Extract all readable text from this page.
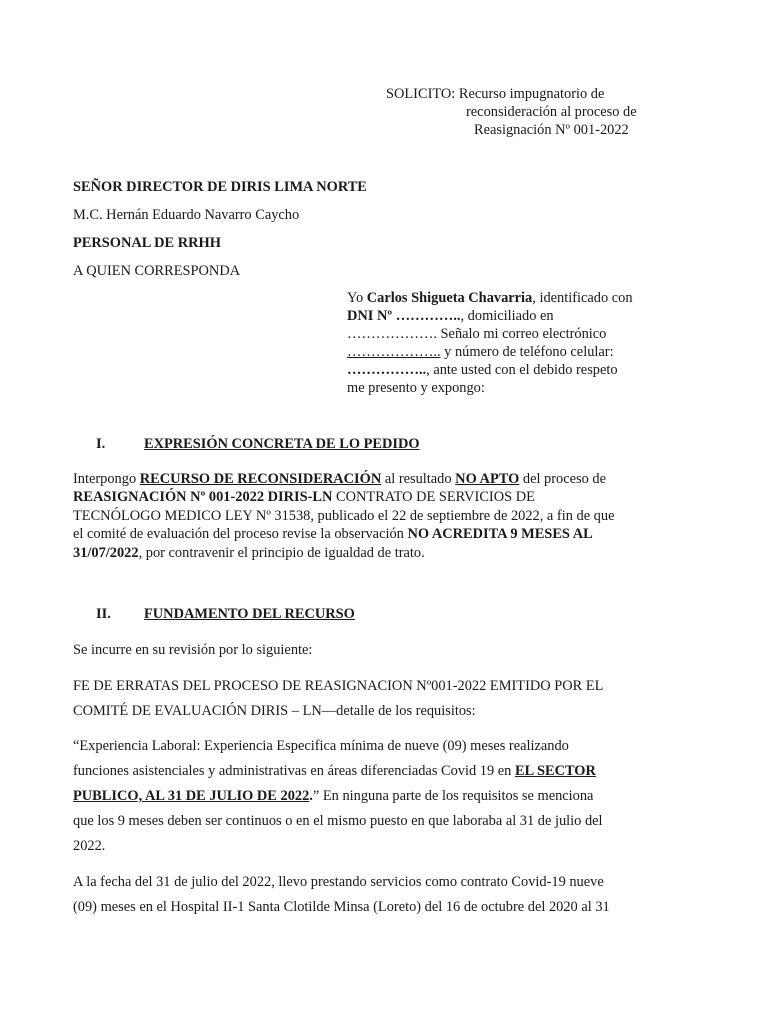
SOLICITO: Recurso impugnatorio de
reconsideración al proceso de
Reasignación Nº 001-2022
SEÑOR DIRECTOR DE DIRIS LIMA NORTE
M.C. Hernán Eduardo Navarro Caycho
PERSONAL DE RRHH
A QUIEN CORRESPONDA
Yo Carlos Shigueta Chavarria, identificado con
DNI Nº ………….., domiciliado en
………………. Señalo mi correo electrónico
……………….. y número de teléfono celular:
…………….., ante usted con el debido respeto
me presento y expongo:
I.	EXPRESIÓN CONCRETA DE LO PEDIDO
Interpongo RECURSO DE RECONSIDERACIÓN al resultado NO APTO del proceso de
REASIGNACIÓN Nº 001-2022 DIRIS-LN CONTRATO DE SERVICIOS DE
TECNÓLOGO MEDICO LEY Nº 31538, publicado el 22 de septiembre de 2022, a fin de que
el comité de evaluación del proceso revise la observación NO ACREDITA 9 MESES AL
31/07/2022, por contravenir el principio de igualdad de trato.
II. FUNDAMENTO DEL RECURSO
Se incurre en su revisión por lo siguiente:
FE DE ERRATAS DEL PROCESO DE REASIGNACION Nº001-2022 EMITIDO POR EL
COMITÉ DE EVALUACIÓN DIRIS – LN—detalle de los requisitos:
“Experiencia Laboral: Experiencia Especifica mínima de nueve (09) meses realizando
funciones asistenciales y administrativas en áreas diferenciadas Covid 19 en EL SECTOR
PUBLICO, AL 31 DE JULIO DE 2022.” En ninguna parte de los requisitos se menciona
que los 9 meses deben ser continuos o en el mismo puesto en que laboraba al 31 de julio del
2022.
A la fecha del 31 de julio del 2022, llevo prestando servicios como contrato Covid-19 nueve
(09) meses en el Hospital II-1 Santa Clotilde Minsa (Loreto) del 16 de octubre del 2020 al 31
